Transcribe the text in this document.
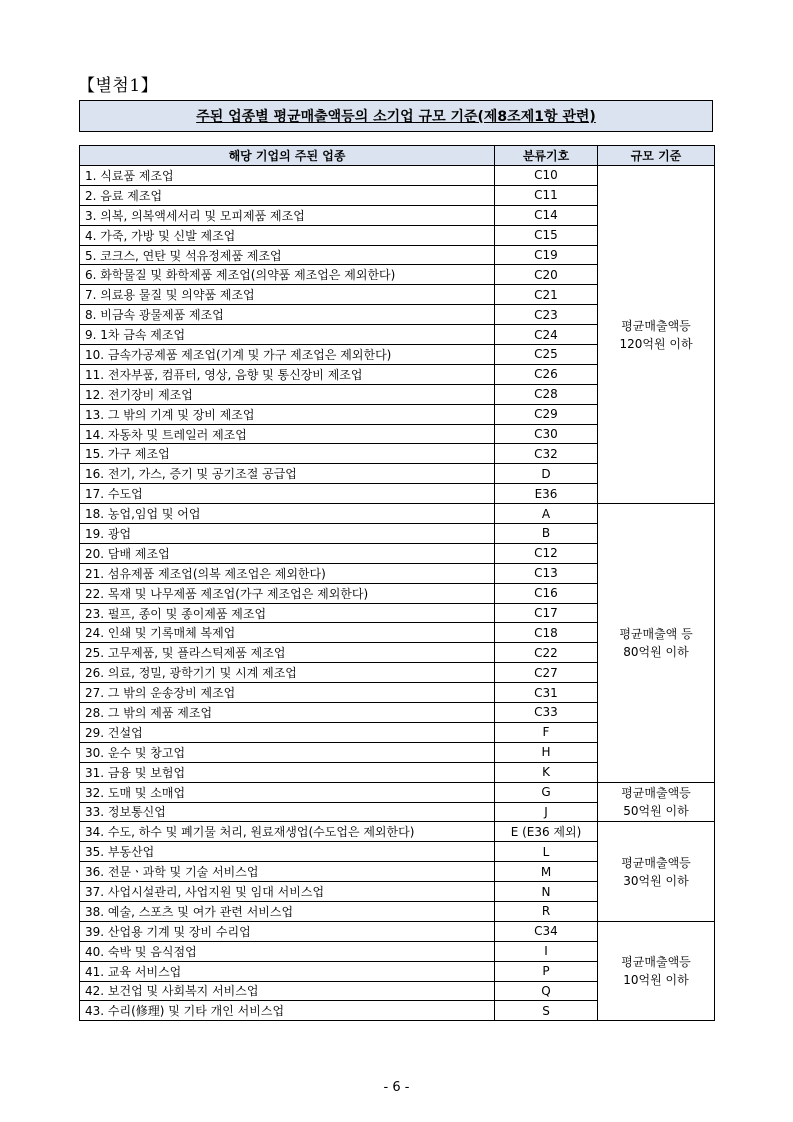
【별첨1】
주된 업종별 평균매출액등의 소기업 규모 기준(제8조제1항 관련)
해당 기업의 주된 업종	분류기호	규모 기준
1. 식료품 제조업	C10	평균매출액등
120억원 이하
2. 음료 제조업	C11	
3. 의복, 의복액세서리 및 모피제품 제조업	C14	
4. 가죽, 가방 및 신발 제조업	C15	
5. 코크스, 연탄 및 석유정제품 제조업	C19	
6. 화학물질 및 화학제품 제조업(의약품 제조업은 제외한다)	C20	
7. 의료용 물질 및 의약품 제조업	C21	
8. 비금속 광물제품 제조업	C23	
9. 1차 금속 제조업	C24	
10. 금속가공제품 제조업(기계 및 가구 제조업은 제외한다)	C25	
11. 전자부품, 컴퓨터, 영상, 음향 및 통신장비 제조업	C26	
12. 전기장비 제조업	C28	
13. 그 밖의 기계 및 장비 제조업	C29	
14. 자동차 및 트레일러 제조업	C30	
15. 가구 제조업	C32	
16. 전기, 가스, 증기 및 공기조절 공급업	D	
17. 수도업	E36	
18. 농업,임업 및 어업	A	평균매출액 등
80억원 이하
19. 광업	B	
20. 담배 제조업	C12	
21. 섬유제품 제조업(의복 제조업은 제외한다)	C13	
22. 목재 및 나무제품 제조업(가구 제조업은 제외한다)	C16	
23. 펄프, 종이 및 종이제품 제조업	C17	
24. 인쇄 및 기록매체 복제업	C18	
25. 고무제품, 및 플라스틱제품 제조업	C22	
26. 의료, 정밀, 광학기기 및 시계 제조업	C27	
27. 그 밖의 운송장비 제조업	C31	
28. 그 밖의 제품 제조업	C33	
29. 건설업	F	
30. 운수 및 창고업	H	
31. 금융 및 보험업	K	
32. 도매 및 소매업	G	평균매출액등
50억원 이하
33. 정보통신업	J	
34. 수도, 하수 및 폐기물 처리, 원료재생업(수도업은 제외한다)	E (E36 제외)	평균매출액등
30억원 이하
35. 부동산업	L	
36. 전문ㆍ과학 및 기술 서비스업	M	
37. 사업시설관리, 사업지원 및 임대 서비스업	N	
38. 예술, 스포츠 및 여가 관련 서비스업	R	
39. 산업용 기계 및 장비 수리업	C34	평균매출액등
10억원 이하
40. 숙박 및 음식점업	I	
41. 교육 서비스업	P	
42. 보건업 및 사회복지 서비스업	Q	
43. 수리(修理) 및 기타 개인 서비스업	S	
- 6 -
